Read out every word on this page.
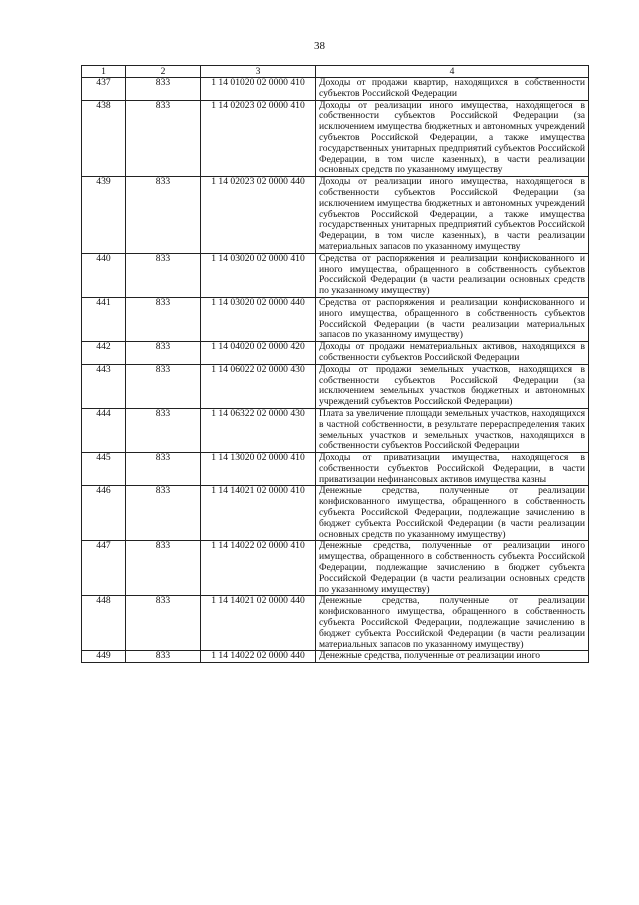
38
1	2	3	4
437	833	1 14 01020 02 0000 410	Доходы от продажи квартир, находящихся в собственности субъектов Российской Федерации
438	833	1 14 02023 02 0000 410	Доходы от реализации иного имущества, находящегося в собственности субъектов Российской Федерации (за исключением имущества бюджетных и автономных учреждений субъектов Российской Федерации, а также имущества государственных унитарных предприятий субъектов Российской Федерации, в том числе казенных), в части реализации основных средств по указанному имуществу
439	833	1 14 02023 02 0000 440	Доходы от реализации иного имущества, находящегося в собственности субъектов Российской Федерации (за исключением имущества бюджетных и автономных учреждений субъектов Российской Федерации, а также имущества государственных унитарных предприятий субъектов Российской Федерации, в том числе казенных), в части реализации материальных запасов по указанному имуществу
440	833	1 14 03020 02 0000 410	Средства от распоряжения и реализации конфискованного и иного имущества, обращенного в собственность субъектов Российской Федерации (в части реализации основных средств по указанному имуществу)
441	833	1 14 03020 02 0000 440	Средства от распоряжения и реализации конфискованного и иного имущества, обращенного в собственность субъектов Российской Федерации (в части реализации материальных запасов по указанному имуществу)
442	833	1 14 04020 02 0000 420	Доходы от продажи нематериальных активов, находящихся в собственности субъектов Российской Федерации
443	833	1 14 06022 02 0000 430	Доходы от продажи земельных участков, находящихся в собственности субъектов Российской Федерации (за исключением земельных участков бюджетных и автономных учреждений субъектов Российской Федерации)
444	833	1 14 06322 02 0000 430	Плата за увеличение площади земельных участков, находящихся в частной собственности, в результате перераспределения таких земельных участков и земельных участков, находящихся в собственности субъектов Российской Федерации
445	833	1 14 13020 02 0000 410	Доходы от приватизации имущества, находящегося в собственности субъектов Российской Федерации, в части приватизации нефинансовых активов имущества казны
446	833	1 14 14021 02 0000 410	Денежные средства, полученные от реализации конфискованного имущества, обращенного в собственность субъекта Российской Федерации, подлежащие зачислению в бюджет субъекта Российской Федерации (в части реализации основных средств по указанному имуществу)
447	833	1 14 14022 02 0000 410	Денежные средства, полученные от реализации иного имущества, обращенного в собственность субъекта Российской Федерации, подлежащие зачислению в бюджет субъекта Российской Федерации (в части реализации основных средств по указанному имуществу)
448	833	1 14 14021 02 0000 440	Денежные средства, полученные от реализации конфискованного имущества, обращенного в собственность субъекта Российской Федерации, подлежащие зачислению в бюджет субъекта Российской Федерации (в части реализации материальных запасов по указанному имуществу)
449	833	1 14 14022 02 0000 440	Денежные средства, полученные от реализации иного
